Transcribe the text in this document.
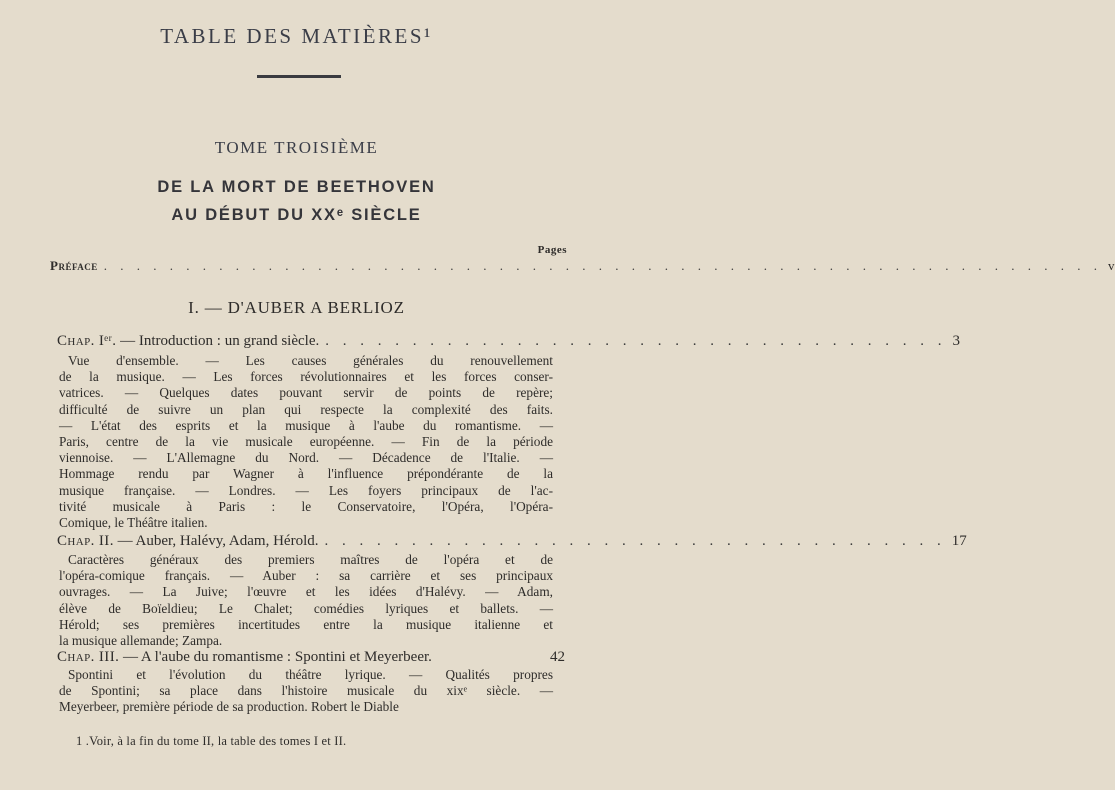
TABLE DES MATIÈRES¹
TOME TROISIÈME
DE LA MORT DE BEETHOVEN
AU DÉBUT DU XXᵉ SIÈCLE
Pages
Préface . . . . . . . . . . . . . . . . . . . . . . . . . . . . . . . . . . . . . . . . . . . . . . . . . . . . . . . . . . . . . v
I. — D'AUBER A BERLIOZ
Chap. Iᵉʳ. — Introduction : un grand siècle. . . . . . . . . . . . . . . . . . . . . . . . . . . . . . . . . . . . . 3
Vue d'ensemble. — Les causes générales du renouvellement
de la musique. — Les forces révolutionnaires et les forces conser-
vatrices. — Quelques dates pouvant servir de points de repère;
difficulté de suivre un plan qui respecte la complexité des faits.
— L'état des esprits et la musique à l'aube du romantisme. —
Paris, centre de la vie musicale européenne. — Fin de la période
viennoise. — L'Allemagne du Nord. — Décadence de l'Italie. —
Hommage rendu par Wagner à l'influence prépondérante de la
musique française. — Londres. — Les foyers principaux de l'ac-
tivité musicale à Paris : le Conservatoire, l'Opéra, l'Opéra-
Comique, le Théâtre italien.
Chap. II. — Auber, Halévy, Adam, Hérold. . . . . . . . . . . . . . . . . . . . . . . . . . . . . . . . . . . . . 17
Caractères généraux des premiers maîtres de l'opéra et de
l'opéra-comique français. — Auber : sa carrière et ses principaux
ouvrages. — La Juive; l'œuvre et les idées d'Halévy. — Adam,
élève de Boïeldieu; Le Chalet; comédies lyriques et ballets. —
Hérold; ses premières incertitudes entre la musique italienne et
la musique allemande; Zampa.
Chap. III. — A l'aube du romantisme : Spontini et Meyerbeer.	42
Spontini et l'évolution du théâtre lyrique. — Qualités propres
de Spontini; sa place dans l'histoire musicale du xixᵉ siècle. —
Meyerbeer, première période de sa production. Robert le Diable
1 .Voir, à la fin du tome II, la table des tomes I et II.
